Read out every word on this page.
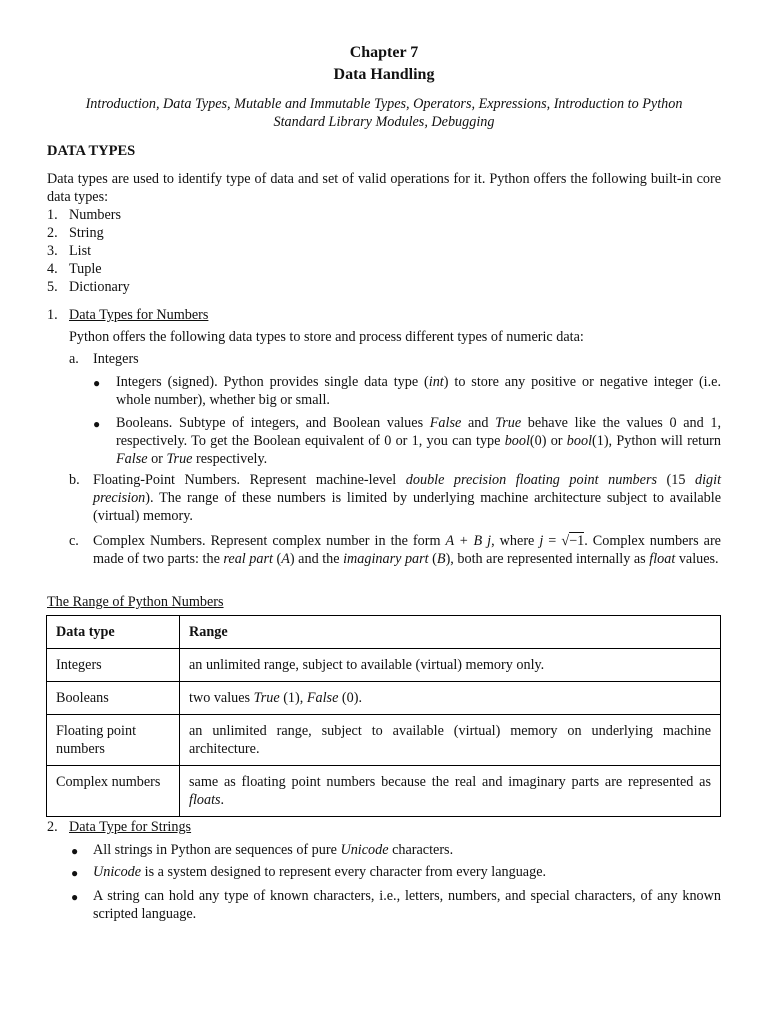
Chapter 7
Data Handling
Introduction, Data Types, Mutable and Immutable Types, Operators, Expressions, Introduction to Python
Standard Library Modules, Debugging
DATA TYPES
Data types are used to identify type of data and set of valid operations for it. Python offers the following built-in core data types:
1. Numbers
2. String
3. List
4. Tuple
5. Dictionary
1. Data Types for Numbers
Python offers the following data types to store and process different types of numeric data:
a. Integers
● Integers (signed). Python provides single data type (int) to store any positive or negative integer (i.e. whole number), whether big or small.
● Booleans. Subtype of integers, and Boolean values False and True behave like the values 0 and 1, respectively. To get the Boolean equivalent of 0 or 1, you can type bool(0) or bool(1), Python will return False or True respectively.
b. Floating-Point Numbers. Represent machine-level double precision floating point numbers (15 digit precision). The range of these numbers is limited by underlying machine architecture subject to available (virtual) memory.
c. Complex Numbers. Represent complex number in the form A + B j, where j = √−1. Complex numbers are made of two parts: the real part (A) and the imaginary part (B), both are represented internally as float values.
The Range of Python Numbers
Data type	Range
Integers	an unlimited range, subject to available (virtual) memory only.
Booleans	two values True (1), False (0).
Floating point numbers	an unlimited range, subject to available (virtual) memory on underlying machine architecture.
Complex numbers	same as floating point numbers because the real and imaginary parts are represented as floats.
2. Data Type for Strings
● All strings in Python are sequences of pure Unicode characters.
● Unicode is a system designed to represent every character from every language.
● A string can hold any type of known characters, i.e., letters, numbers, and special characters, of any known scripted language.
